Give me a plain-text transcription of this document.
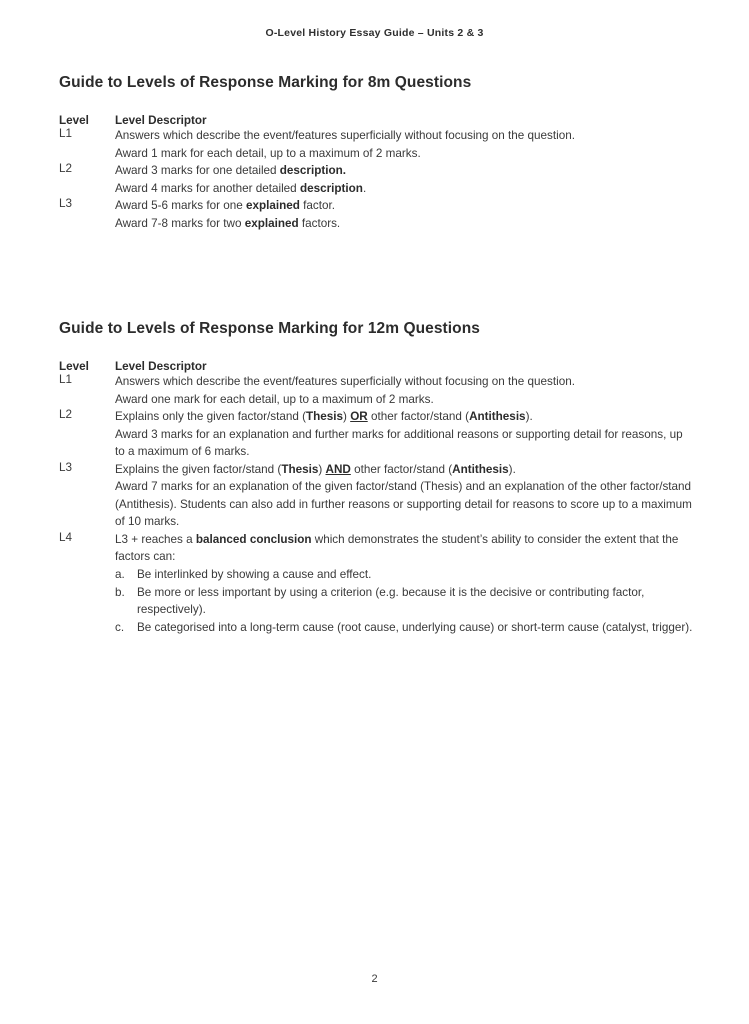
O-Level History Essay Guide – Units 2 & 3
Guide to Levels of Response Marking for 8m Questions
Level	Level Descriptor
L1	Answers which describe the event/features superficially without focusing on the question.
Award 1 mark for each detail, up to a maximum of 2 marks.

L2	Award 3 marks for one detailed description.
Award 4 marks for another detailed description.

L3	Award 5-6 marks for one explained factor.
Award 7-8 marks for two explained factors.
Guide to Levels of Response Marking for 12m Questions
Level	Level Descriptor
L1	Answers which describe the event/features superficially without focusing on the question.
Award one mark for each detail, up to a maximum of 2 marks.

L2	Explains only the given factor/stand (Thesis) OR other factor/stand (Antithesis).
Award 3 marks for an explanation and further marks for additional reasons or supporting detail for reasons, up to a maximum of 6 marks.

L3	Explains the given factor/stand (Thesis) AND other factor/stand (Antithesis).
Award 7 marks for an explanation of the given factor/stand (Thesis) and an explanation of the other factor/stand (Antithesis). Students can also add in further reasons or supporting detail for reasons to score up to a maximum of 10 marks.

L4	L3 + reaches a balanced conclusion which demonstrates the student’s ability to consider the extent that the factors can:
a. Be interlinked by showing a cause and effect.
b. Be more or less important by using a criterion (e.g. because it is the decisive or contributing factor, respectively).
c. Be categorised into a long-term cause (root cause, underlying cause) or short-term cause (catalyst, trigger).
2
